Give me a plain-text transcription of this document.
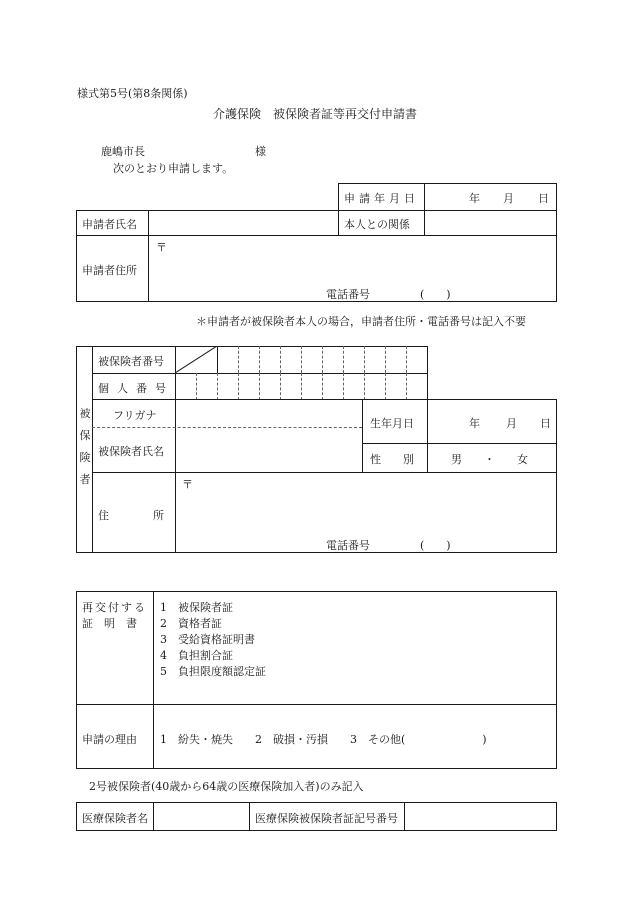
様式第5号(第8条関係)
介護保険　被保険者証等再交付申請書
鹿嶋市長	様
次のとおり申請します。
申請年月日	年 月 日
申請者氏名	本人との関係
申請者住所
〒
電話番号	(　　)
＊申請者が被保険者本人の場合，申請者住所・電話番号は記入不要
被
保
険
者
被保険者番号
個人番号
フリガナ
被保険者氏名
生年月日	年 月 日
性　　別	男　　・　　女
住　　　　所
〒
電話番号	(　　)
再交付する
証　明　書
1　被保険者証
2　資格者証
3　受給資格証明書
4　負担割合証
5　負担限度額認定証
申請の理由 1　紛失・焼失　　2　破損・汚損　　3　その他(　　　　　　　)
2号被保険者(40歳から64歳の医療保険加入者)のみ記入
医療保険者名	医療保険被保険者証記号番号
